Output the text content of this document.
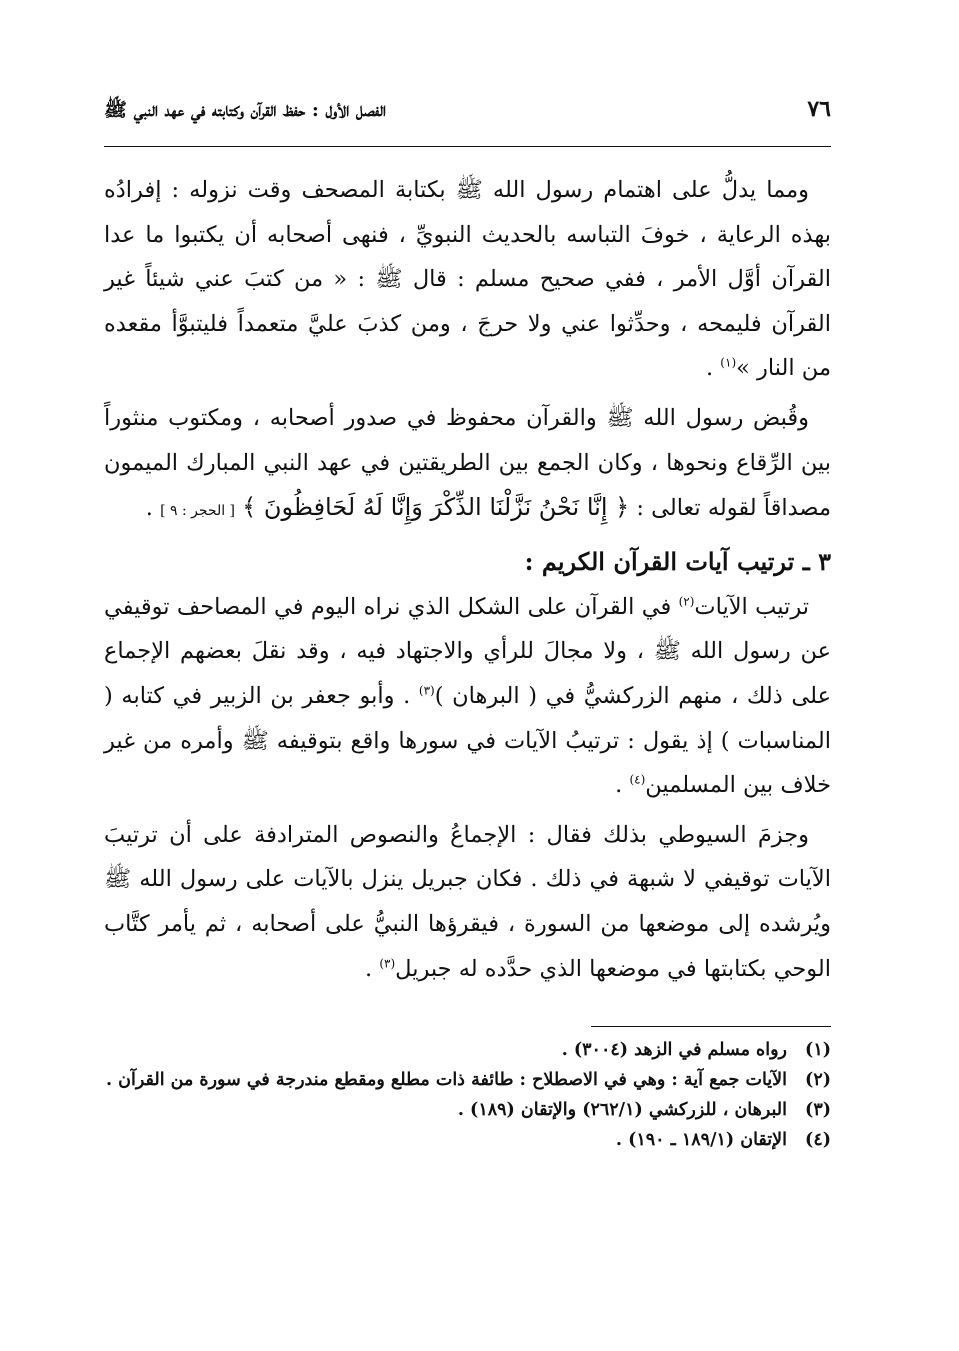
٧٦
الفصل الأول : حفظ القرآن وكتابته في عهد النبي ﷺ

ومما يدلُّ على اهتمام رسول الله ﷺ بكتابة المصحف وقت نزوله : إفرادُه بهذه الرعاية ، خوفَ التباسه بالحديث النبويِّ ، فنهى أصحابه أن يكتبوا ما عدا القرآن أوَّل الأمر ، ففي صحيح مسلم : قال ﷺ : « من كتبَ عني شيئاً غير القرآن فليمحه ، وحدِّثوا عني ولا حرجَ ، ومن كذبَ عليَّ متعمداً فليتبوَّأ مقعده من النار »$^{(١)}$ .

وقُبض رسول الله ﷺ والقرآن محفوظ في صدور أصحابه ، ومكتوب منثوراً بين الرِّقاع ونحوها ، وكان الجمع بين الطريقتين في عهد النبي المبارك الميمون مصداقاً لقوله تعالى : ﴿ إِنَّا نَحْنُ نَزَّلْنَا الذِّكْرَ وَإِنَّا لَهُ لَحَافِظُونَ ﴾ [ الحجر : ٩ ] .

٣ ـ ترتيب آيات القرآن الكريم :

ترتيب الآيات$^{(٢)}$ في القرآن على الشكل الذي نراه اليوم في المصاحف توقيفي عن رسول الله ﷺ ، ولا مجالَ للرأي والاجتهاد فيه ، وقد نقلَ بعضهم الإجماع على ذلك ، منهم الزركشيُّ في ( البرهان )$^{(٣)}$ . وأبو جعفر بن الزبير في كتابه ( المناسبات ) إذ يقول : ترتيبُ الآيات في سورها واقع بتوقيفه ﷺ وأمره من غير خلاف بين المسلمين$^{(٤)}$ .

وجزمَ السيوطي بذلك فقال : الإجماعُ والنصوص المترادفة على أن ترتيبَ الآيات توقيفي لا شبهة في ذلك . فكان جبريل ينزل بالآيات على رسول الله ﷺ ويُرشده إلى موضعها من السورة ، فيقرؤها النبيُّ على أصحابه ، ثم يأمر كتَّاب الوحي بكتابتها في موضعها الذي حدَّده له جبريل$^{(٣)}$ .

(١)
رواه مسلم في الزهد (٣٠٠٤) .
(٢)
الآيات جمع آية : وهي في الاصطلاح : طائفة ذات مطلع ومقطع مندرجة في سورة من القرآن .
(٣)
البرهان ، للزركشي (٢٦٢/١) والإتقان (١٨٩) .
(٤)
الإتقان (١٨٩/١ ـ ١٩٠) .
